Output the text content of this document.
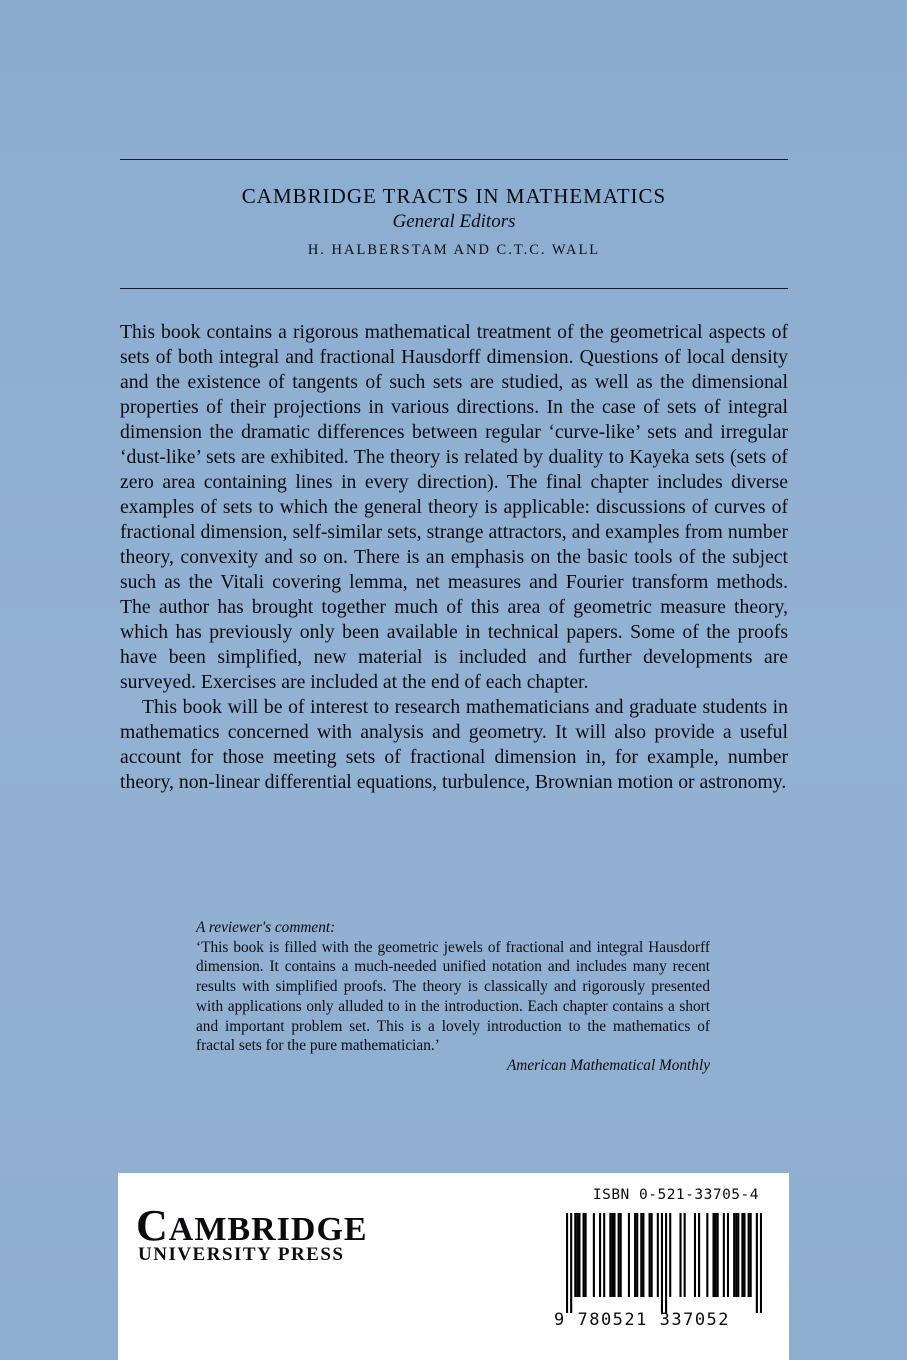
CAMBRIDGE TRACTS IN MATHEMATICS
General Editors
H. HALBERSTAM AND C.T.C. WALL

This book contains a rigorous mathematical treatment of the geometrical aspects of sets of both integral and fractional Hausdorff dimension. Questions of local density and the existence of tangents of such sets are studied, as well as the dimensional properties of their projections in various directions. In the case of sets of integral dimension the dramatic differences between regular ‘curve-like’ sets and irregular ‘dust-like’ sets are exhibited. The theory is related by duality to Kayeka sets (sets of zero area containing lines in every direction). The final chapter includes diverse examples of sets to which the general theory is applicable: discussions of curves of fractional dimension, self-similar sets, strange attractors, and examples from number theory, convexity and so on. There is an emphasis on the basic tools of the subject such as the Vitali covering lemma, net measures and Fourier transform methods. The author has brought together much of this area of geometric measure theory, which has previously only been available in technical papers. Some of the proofs have been simplified, new material is included and further developments are surveyed. Exercises are included at the end of each chapter.

This book will be of interest to research mathematicians and graduate students in mathematics concerned with analysis and geometry. It will also provide a useful account for those meeting sets of fractional dimension in, for example, number theory, non-linear differential equations, turbulence, Brownian motion or astronomy.

A reviewer's comment:
‘This book is filled with the geometric jewels of fractional and integral Hausdorff dimension. It contains a much-needed unified notation and includes many recent results with simplified proofs. The theory is classically and rigorously presented with applications only alluded to in the introduction. Each chapter contains a short and important problem set. This is a lovely introduction to the mathematics of fractal sets for the pure mathematician.’
American Mathematical Monthly
CAMBRIDGE
UNIVERSITY PRESS
ISBN 0-521-33705-4
9 780521 337052
